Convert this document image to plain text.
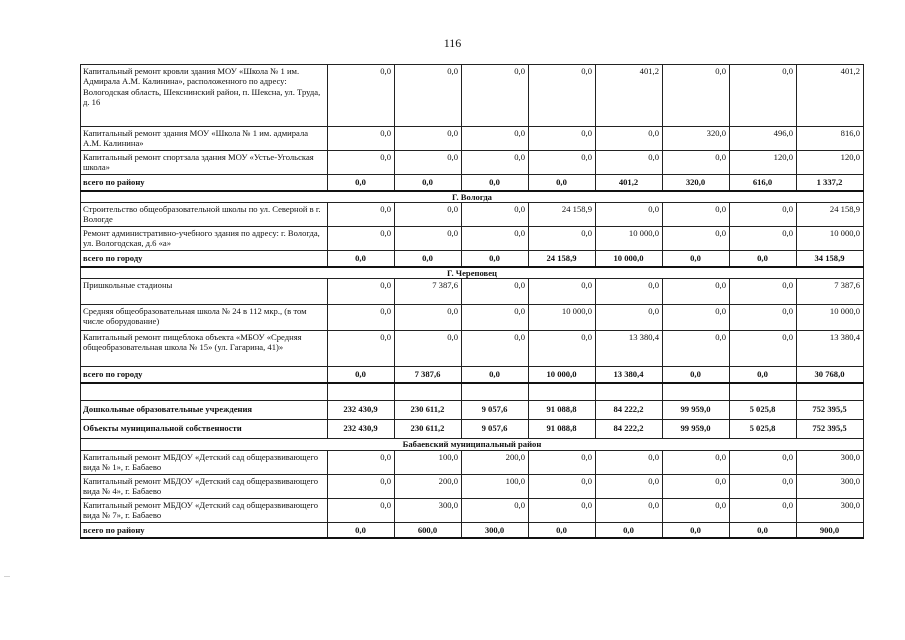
116
Капитальный ремонт кровли здания МОУ «Школа № 1 им. Адмирала А.М. Калинина», расположенного по адресу: Вологодская область, Шекснинский район, п. Шексна, ул. Труда, д. 16	0,0	0,0	0,0	0,0	401,2	0,0	0,0	401,2
Капитальный ремонт здания МОУ «Школа № 1 им. адмирала А.М. Калинина»	0,0	0,0	0,0	0,0	0,0	320,0	496,0	816,0
Капитальный ремонт спортзала здания МОУ «Устье-Угольская школа»	0,0	0,0	0,0	0,0	0,0	0,0	120,0	120,0
всего по району	0,0	0,0	0,0	0,0	401,2	320,0	616,0	1 337,2
Г. Вологда								
Строительство общеобразовательной школы по ул. Северной в г. Вологде	0,0	0,0	0,0	24 158,9	0,0	0,0	0,0	24 158,9
Ремонт административно-учебного здания по адресу: г. Вологда, ул. Вологодская, д.6 «а»	0,0	0,0	0,0	0,0	10 000,0	0,0	0,0	10 000,0
всего по городу	0,0	0,0	0,0	24 158,9	10 000,0	0,0	0,0	34 158,9
Г. Череповец								
Пришкольные стадионы	0,0	7 387,6	0,0	0,0	0,0	0,0	0,0	7 387,6
Средняя общеобразовательная школа № 24 в 112 мкр., (в том числе оборудование)	0,0	0,0	0,0	10 000,0	0,0	0,0	0,0	10 000,0
Капитальный ремонт пищеблока объекта «МБОУ «Средняя общеобразовательная школа № 15» (ул. Гагарина, 41)»	0,0	0,0	0,0	0,0	13 380,4	0,0	0,0	13 380,4
всего по городу	0,0	7 387,6	0,0	10 000,0	13 380,4	0,0	0,0	30 768,0

Дошкольные образовательные учреждения	232 430,9	230 611,2	9 057,6	91 088,8	84 222,2	99 959,0	5 025,8	752 395,5
Объекты муниципальной собственности	232 430,9	230 611,2	9 057,6	91 088,8	84 222,2	99 959,0	5 025,8	752 395,5
Бабаевский муниципальный район								
Капитальный ремонт МБДОУ «Детский сад общеразвивающего вида № 1», г. Бабаево	0,0	100,0	200,0	0,0	0,0	0,0	0,0	300,0
Капитальный ремонт МБДОУ «Детский сад общеразвивающего вида № 4», г. Бабаево	0,0	200,0	100,0	0,0	0,0	0,0	0,0	300,0
Капитальный ремонт МБДОУ «Детский сад общеразвивающего вида № 7», г. Бабаево	0,0	300,0	0,0	0,0	0,0	0,0	0,0	300,0
всего по району	0,0	600,0	300,0	0,0	0,0	0,0	0,0	900,0
...
